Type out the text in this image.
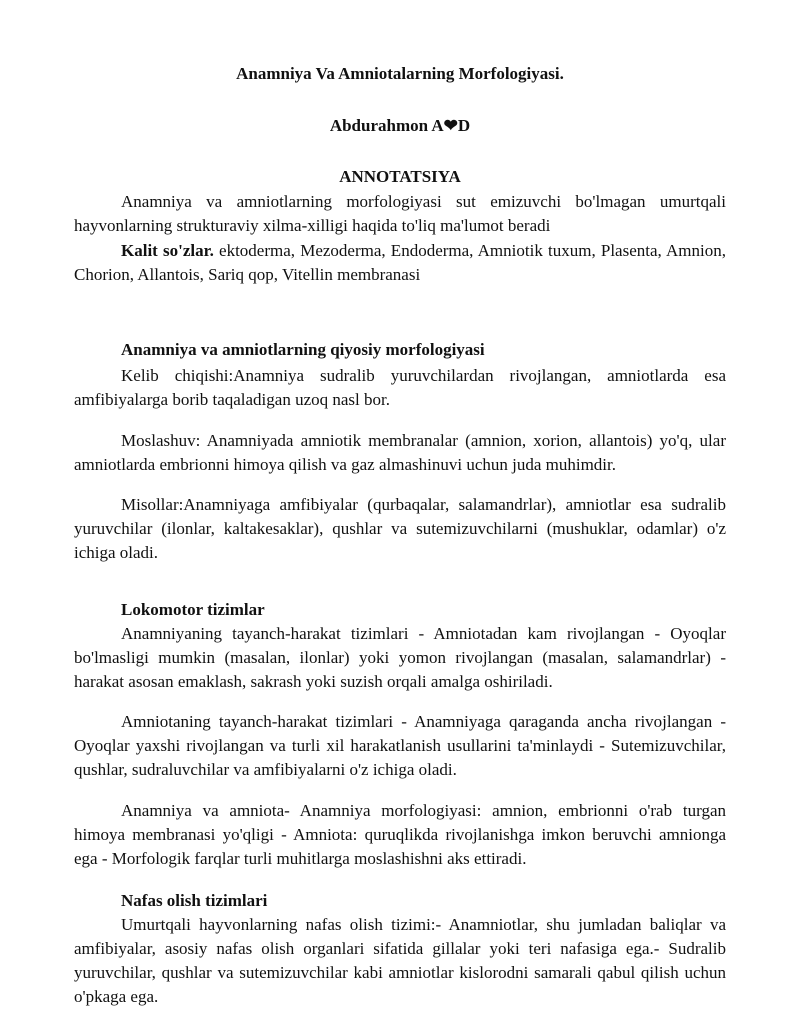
Anamniya Va Amniotalarning Morfologiyasi.
Abdurahmon A❤D
ANNOTATSIYA
Anamniya va amniotlarning morfologiyasi sut emizuvchi bo'lmagan umurtqali hayvonlarning strukturaviy xilma-xilligi haqida to'liq ma'lumot beradi
Kalit so'zlar. ektoderma, Mezoderma, Endoderma, Amniotik tuxum, Plasenta, Amnion, Chorion, Allantois, Sariq qop, Vitellin membranasi
Anamniya va amniotlarning qiyosiy morfologiyasi
Kelib chiqishi:Anamniya sudralib yuruvchilardan rivojlangan, amniotlarda esa amfibiyalarga borib taqaladigan uzoq nasl bor.
Moslashuv: Anamniyada amniotik membranalar (amnion, xorion, allantois) yo'q, ular amniotlarda embrionni himoya qilish va gaz almashinuvi uchun juda muhimdir.
Misollar:Anamniyaga amfibiyalar (qurbaqalar, salamandrlar), amniotlar esa sudralib yuruvchilar (ilonlar, kaltakesaklar), qushlar va sutemizuvchilarni (mushuklar, odamlar) o'z ichiga oladi.
Lokomotor tizimlar
Anamniyaning tayanch-harakat tizimlari - Amniotadan kam rivojlangan - Oyoqlar bo'lmasligi mumkin (masalan, ilonlar) yoki yomon rivojlangan (masalan, salamandrlar) - harakat asosan emaklash, sakrash yoki suzish orqali amalga oshiriladi.
Amniotaning tayanch-harakat tizimlari - Anamniyaga qaraganda ancha rivojlangan - Oyoqlar yaxshi rivojlangan va turli xil harakatlanish usullarini ta'minlaydi - Sutemizuvchilar, qushlar, sudraluvchilar va amfibiyalarni o'z ichiga oladi.
Anamniya va amniota- Anamniya morfologiyasi: amnion, embrionni o'rab turgan himoya membranasi yo'qligi - Amniota: quruqlikda rivojlanishga imkon beruvchi amnionga ega - Morfologik farqlar turli muhitlarga moslashishni aks ettiradi.
Nafas olish tizimlari
Umurtqali hayvonlarning nafas olish tizimi:- Anamniotlar, shu jumladan baliqlar va amfibiyalar, asosiy nafas olish organlari sifatida gillalar yoki teri nafasiga ega.- Sudralib yuruvchilar, qushlar va sutemizuvchilar kabi amniotlar kislorodni samarali qabul qilish uchun o'pkaga ega.
